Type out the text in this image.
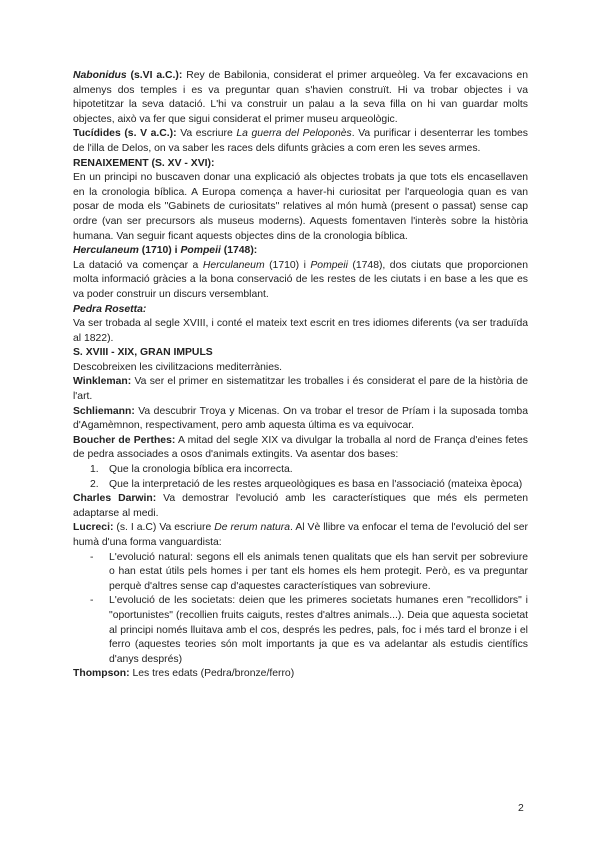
Nabonidus (s.VI a.C.): Rey de Babilonia, considerat el primer arqueòleg. Va fer excavacions en almenys dos temples i es va preguntar quan s'havien construït. Hi va trobar objectes i va hipotetitzar la seva datació. L'hi va construir un palau a la seva filla on hi van guardar molts objectes, això va fer que sigui considerat el primer museu arqueològic.

Tucídides (s. V a.C.): Va escriure La guerra del Peloponès. Va purificar i desenterrar les tombes de l'illa de Delos, on va saber les races dels difunts gràcies a com eren les seves armes.

RENAIXEMENT (S. XV - XVI):

En un principi no buscaven donar una explicació als objectes trobats ja que tots els encasellaven en la cronologia bíblica. A Europa comença a haver-hi curiositat per l'arqueologia quan es van posar de moda els "Gabinets de curiositats" relatives al món humà (present o passat) sense cap ordre (van ser precursors als museus moderns). Aquests fomentaven l'interès sobre la història humana. Van seguir ficant aquests objectes dins de la cronologia bíblica.

Herculaneum (1710) i Pompeii (1748):

La datació va començar a Herculaneum (1710) i Pompeii (1748), dos ciutats que proporcionen molta informació gràcies a la bona conservació de les restes de les ciutats i en base a les que es va poder construir un discurs versemblant.

Pedra Rosetta:

Va ser trobada al segle XVIII, i conté el mateix text escrit en tres idiomes diferents (va ser traduïda al 1822).

S. XVIII - XIX, GRAN IMPULS

Descobreixen les civilitzacions mediterrànies.

Winkleman: Va ser el primer en sistematitzar les troballes i és considerat el pare de la història de l'art.

Schliemann: Va descubrir Troya y Micenas. On va trobar el tresor de Príam i la suposada tomba d'Agamèmnon, respectivament, pero amb aquesta última es va equivocar.

Boucher de Perthes: A mitad del segle XIX va divulgar la troballa al nord de França d'eines fetes de pedra associades a osos d'animals extingits. Va asentar dos bases:

1. Que la cronologia bíblica era incorrecta.
2. Que la interpretació de les restes arqueològiques es basa en l'associació (mateixa època)

Charles Darwin: Va demostrar l'evolució amb les característiques que més els permeten adaptarse al medi.

Lucreci: (s. I a.C) Va escriure De rerum natura. Al Vè llibre va enfocar el tema de l'evolució del ser humà d'una forma vanguardista:

- L'evolució natural: segons ell els animals tenen qualitats que els han servit per sobreviure o han estat útils pels homes i per tant els homes els hem protegit. Però, es va preguntar perquè d'altres sense cap d'aquestes característiques van sobreviure.
- L'evolució de les societats: deien que les primeres societats humanes eren "recollidors" i "oportunistes" (recollien fruits caiguts, restes d'altres animals...). Deia que aquesta societat al principi només lluitava amb el cos, després les pedres, pals, foc i més tard el bronze i el ferro (aquestes teories són molt importants ja que es va adelantar als estudis científics d'anys després)

Thompson: Les tres edats (Pedra/bronze/ferro)

2
